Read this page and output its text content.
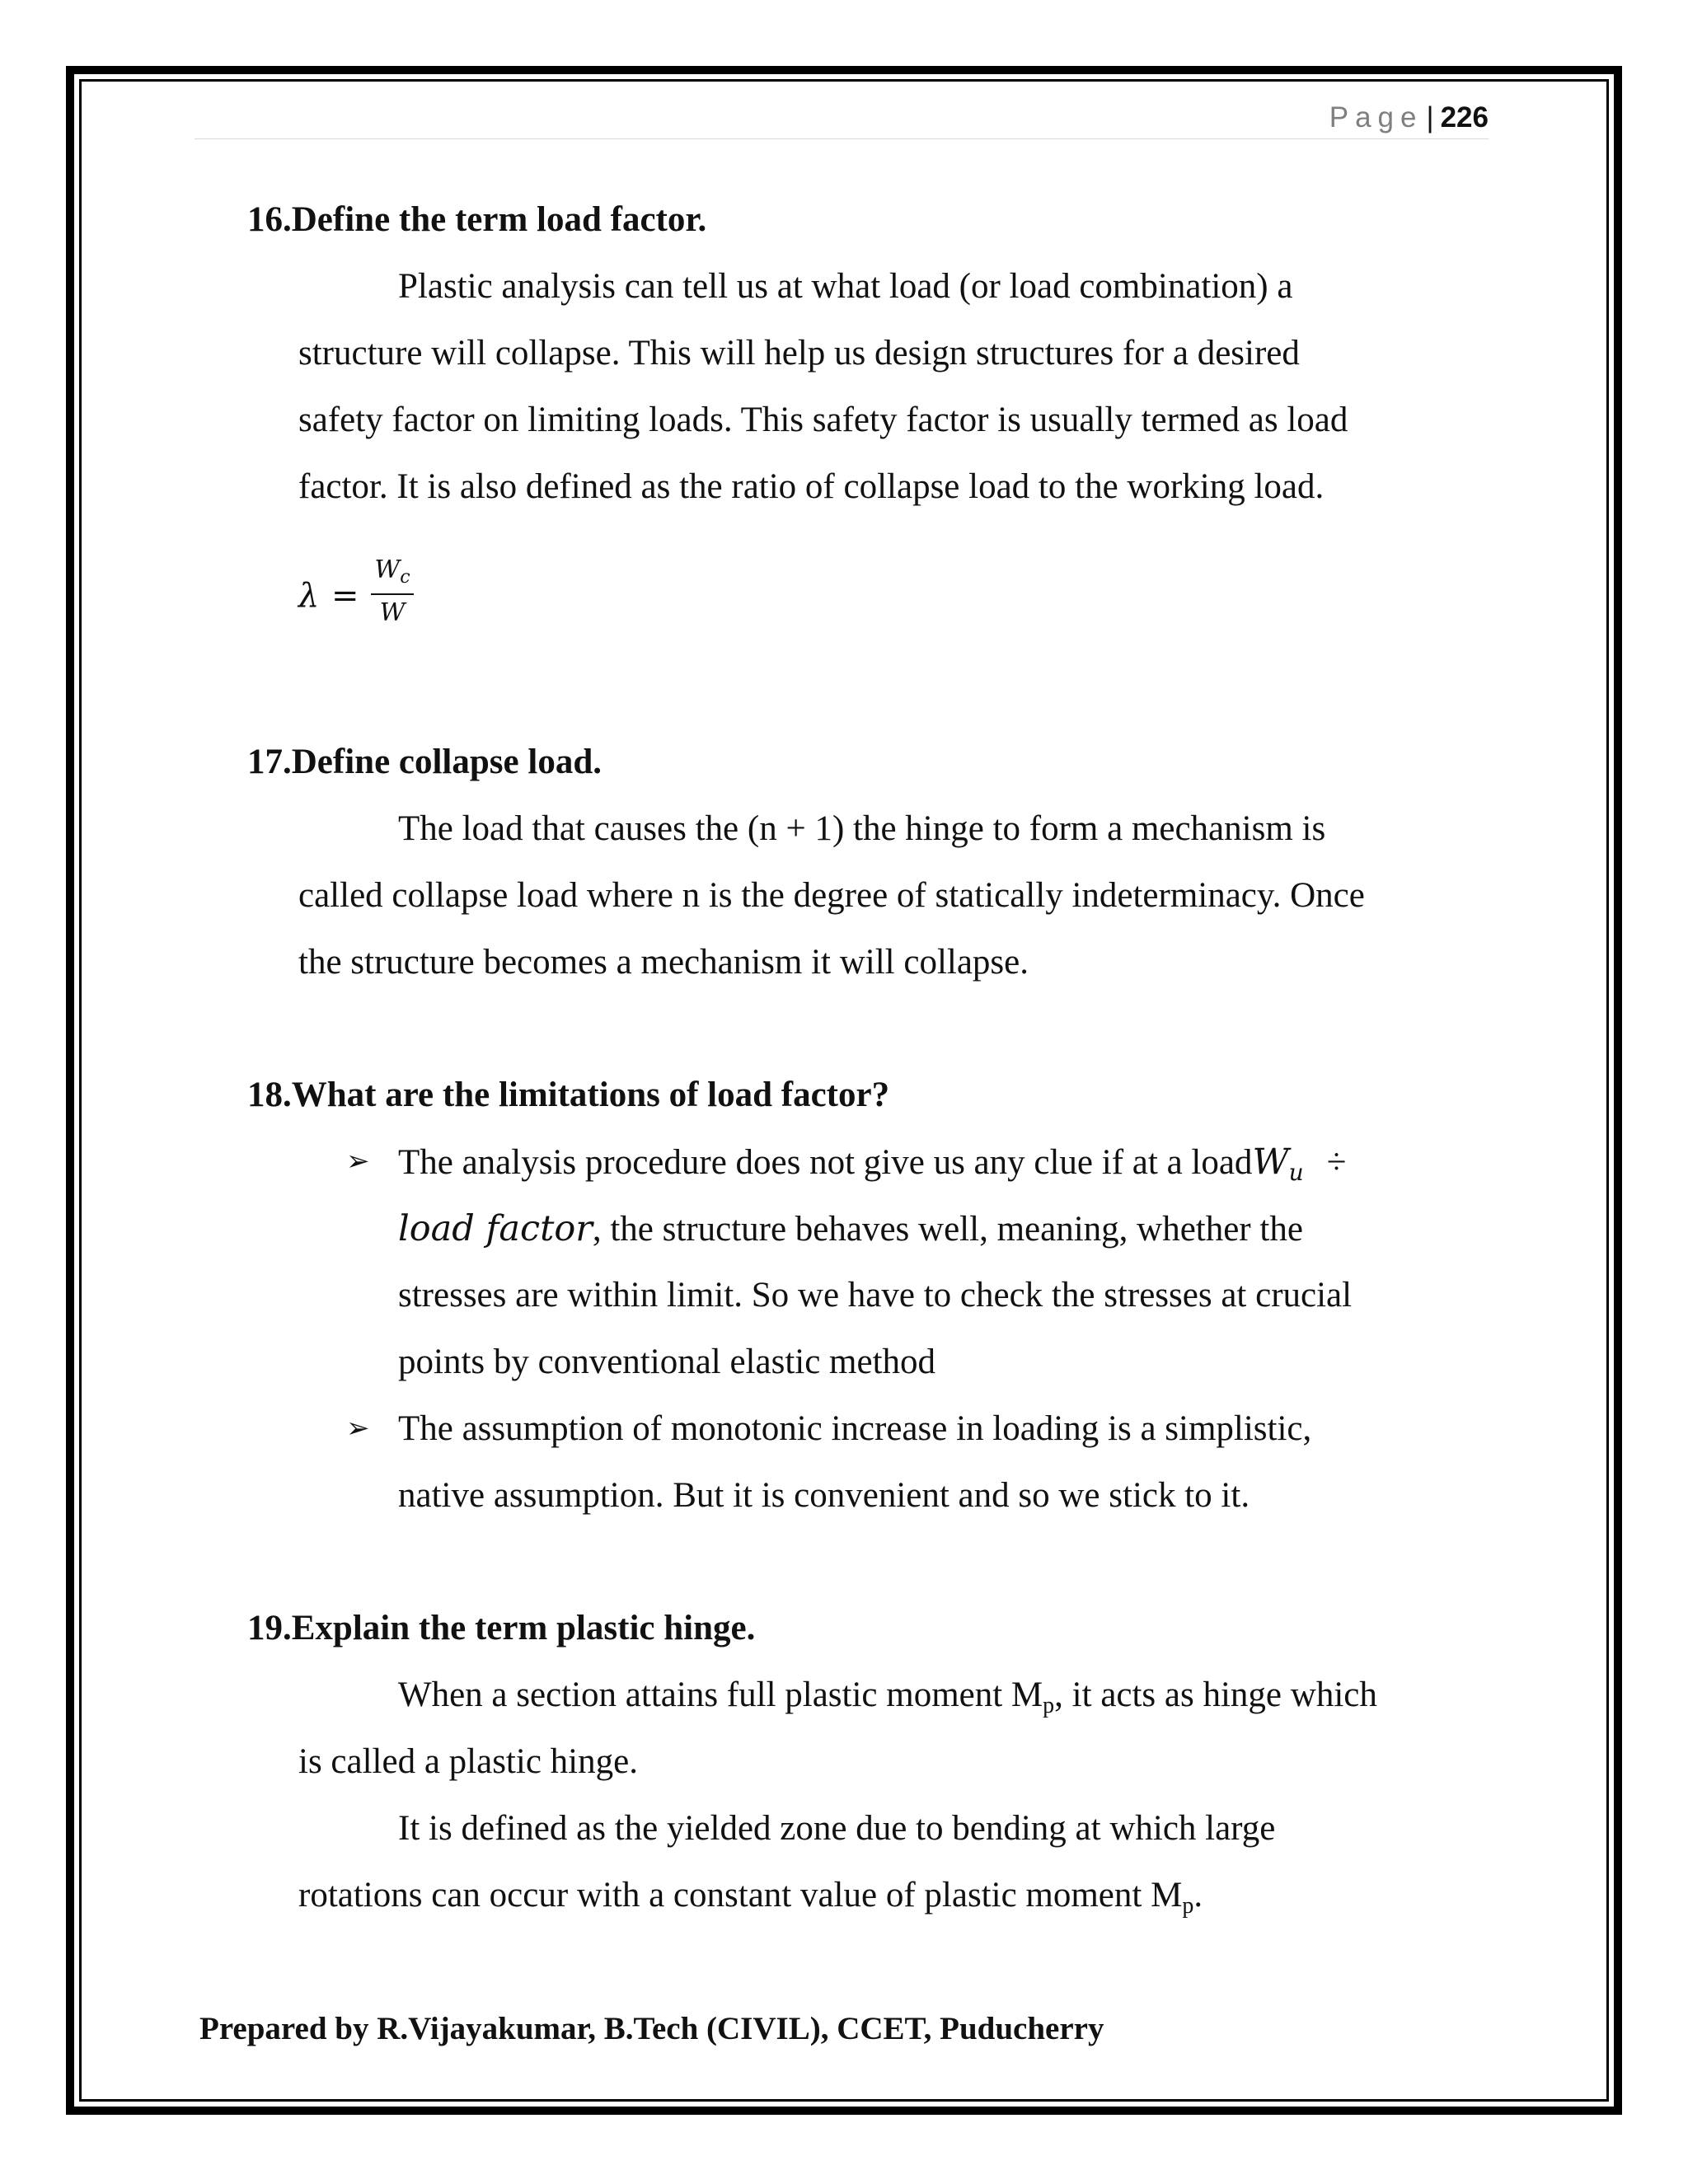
Page | 226
16.Define the term load factor.
Plastic analysis can tell us at what load (or load combination) a
structure will collapse. This will help us design structures for a desired
safety factor on limiting loads. This safety factor is usually termed as load
factor. It is also defined as the ratio of collapse load to the working load.
λ =
$W_c$
W
17.Define collapse load.
The load that causes the (n + 1) the hinge to form a mechanism is
called collapse load where n is the degree of statically indeterminacy. Once
the structure becomes a mechanism it will collapse.
18.What are the limitations of load factor?
➢ The analysis procedure does not give us any clue if at a loadW$_u$ ÷
load factor, the structure behaves well, meaning, whether the
stresses are within limit. So we have to check the stresses at crucial
points by conventional elastic method
➢ The assumption of monotonic increase in loading is a simplistic,
native assumption. But it is convenient and so we stick to it.
19.Explain the term plastic hinge.
When a section attains full plastic moment $M_p$, it acts as hinge which
is called a plastic hinge.
It is defined as the yielded zone due to bending at which large
rotations can occur with a constant value of plastic moment $M_p$.
Prepared by R.Vijayakumar, B.Tech (CIVIL), CCET, Puducherry
